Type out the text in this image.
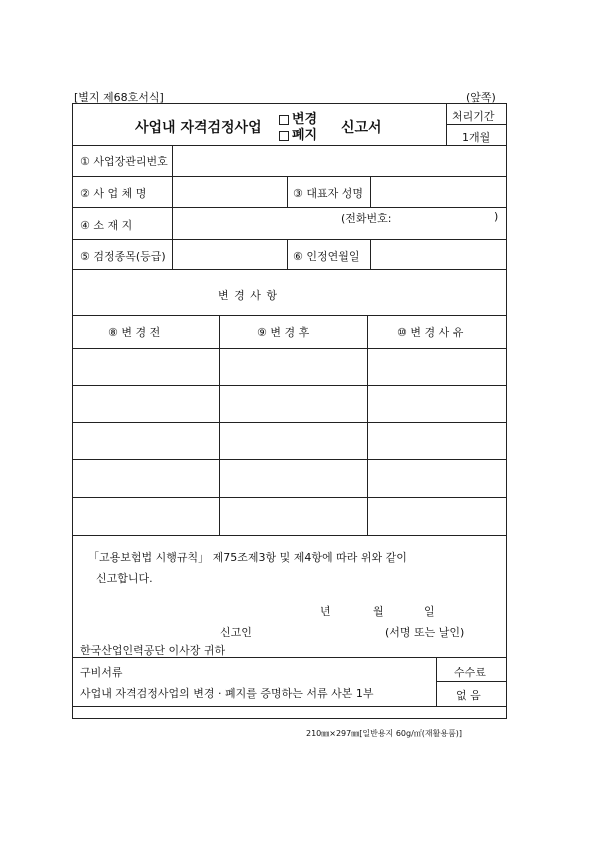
[별지 제68호서식]	(앞쪽)
사업내 자격검정사업
변경
폐지 신고서
처리기간
1개월
① 사업장관리번호
② 사 업 체 명	③ 대표자 성명
④ 소 재 지
(전화번호:	)
⑤ 검정종목(등급)	⑥ 인정연월일
변 경 사 항
⑧ 변 경 전	⑨ 변 경 후	⑩ 변 경 사 유
「고용보험법 시행규칙」 제75조제3항 및 제4항에 따라 위와 같이
신고합니다.
년	월	일
신고인	(서명 또는 날인)
한국산업인력공단 이사장 귀하
구비서류
사업내 자격검정사업의 변경 · 폐지를 증명하는 서류 사본 1부
수수료
없 음
210㎜×297㎜[일반용지 60g/㎡(재활용품)]
